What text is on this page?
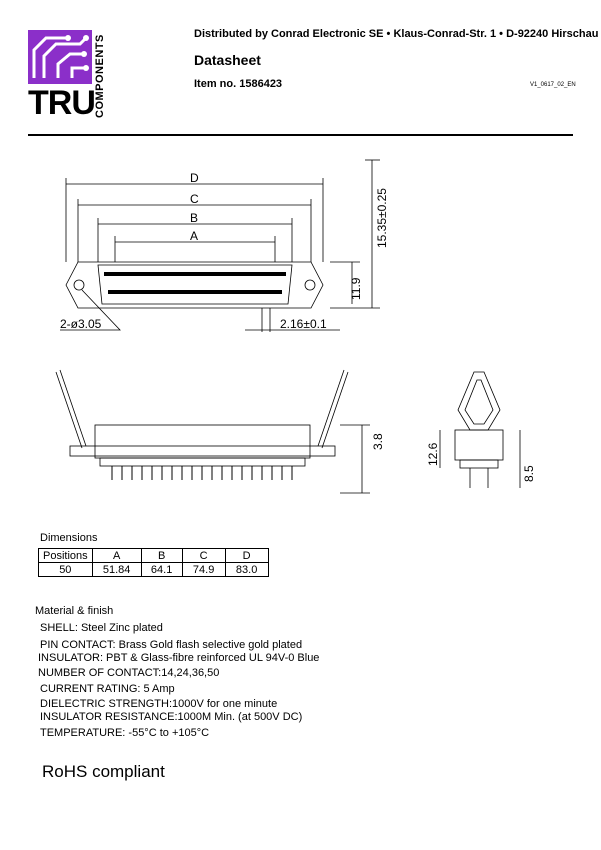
TRU COMPONENTS
Distributed by Conrad Electronic SE • Klaus-Conrad-Str. 1 • D-92240 Hirschau
Datasheet
Item no. 1586423	V1_0617_02_EN
D
C
B
A	15.35±0.25
11.9
2-ø3.05	2.16±0.1
3.8
12.6
8.5
Dimensions
Positions	A	B	C	D
50	51.84	64.1	74.9	83.0
Material & finish
SHELL: Steel Zinc plated
PIN CONTACT: Brass Gold flash selective gold plated
INSULATOR: PBT & Glass-fibre reinforced UL 94V-0 Blue
NUMBER OF CONTACT:14,24,36,50
CURRENT RATING: 5 Amp
DIELECTRIC STRENGTH:1000V for one minute
INSULATOR RESISTANCE:1000M Min. (at 500V DC)
TEMPERATURE: -55°C to +105°C
RoHS compliant
